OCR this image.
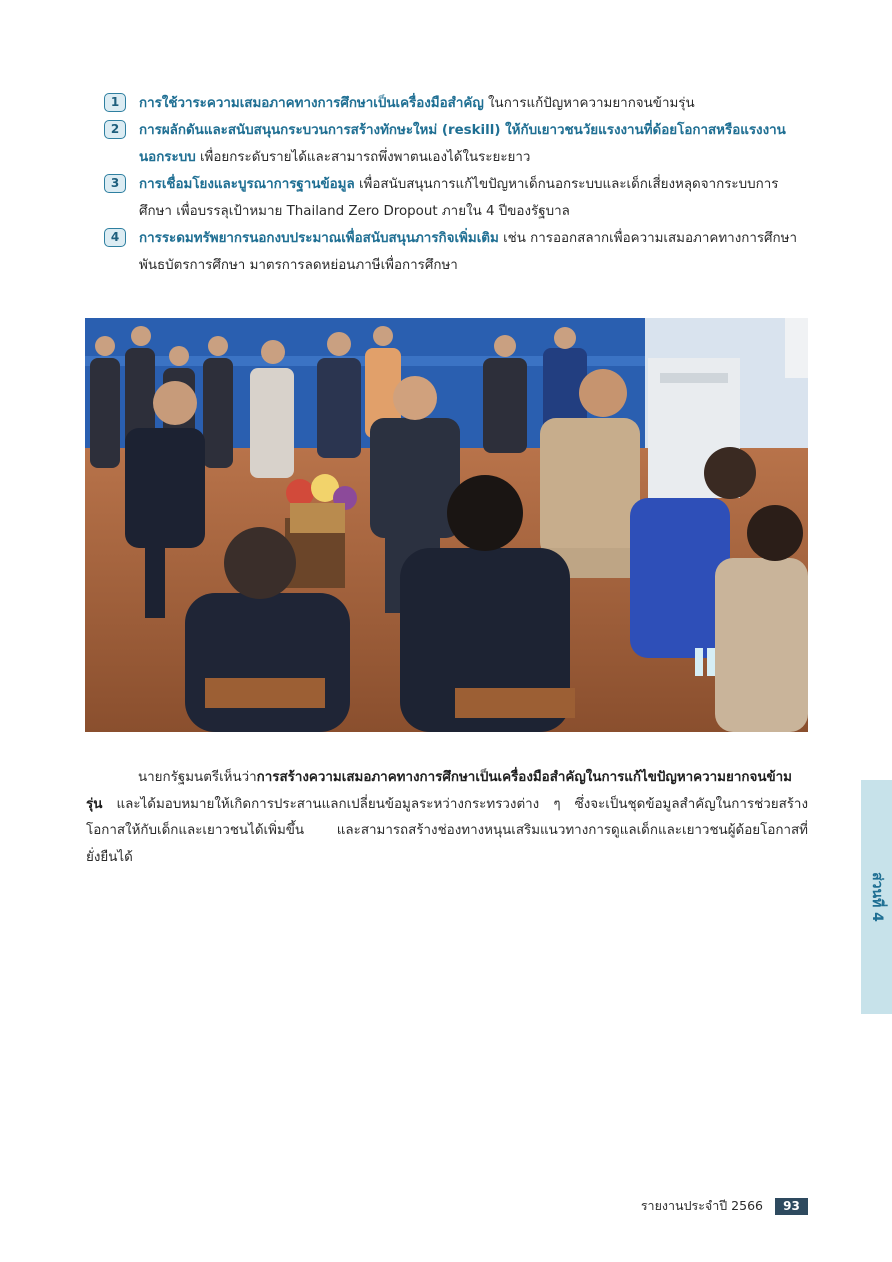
1	การใช้วาระความเสมอภาคทางการศึกษาเป็นเครื่องมือสำคัญ ในการแก้ปัญหาความยากจนข้ามรุ่น
2	การผลักดันและสนับสนุนกระบวนการสร้างทักษะใหม่ (reskill) ให้กับเยาวชนวัยแรงงานที่ด้อยโอกาสหรือแรงงานนอกระบบ เพื่อยกระดับรายได้และสามารถพึ่งพาตนเองได้ในระยะยาว
3	การเชื่อมโยงและบูรณาการฐานข้อมูล เพื่อสนับสนุนการแก้ไขปัญหาเด็กนอกระบบและเด็กเสี่ยงหลุดจากระบบการศึกษา เพื่อบรรลุเป้าหมาย Thailand Zero Dropout ภายใน 4 ปีของรัฐบาล
4	การระดมทรัพยากรนอกงบประมาณเพื่อสนับสนุนภารกิจเพิ่มเติม เช่น การออกสลากเพื่อความเสมอภาคทางการศึกษา พันธบัตรการศึกษา มาตรการลดหย่อนภาษีเพื่อการศึกษา
นายกรัฐมนตรีเห็นว่าการสร้างความเสมอภาคทางการศึกษาเป็นเครื่องมือสำคัญในการแก้ไขปัญหาความยากจนข้ามรุ่น และได้มอบหมายให้เกิดการประสานแลกเปลี่ยนข้อมูลระหว่างกระทรวงต่าง ๆ ซึ่งจะเป็นชุดข้อมูลสำคัญในการช่วยสร้างโอกาสให้กับเด็กและเยาวชนได้เพิ่มขึ้น และสามารถสร้างช่องทางหนุนเสริมแนวทางการดูแลเด็กและเยาวชนผู้ด้อยโอกาสที่ยั่งยืนได้
ส่วนที่ 4
รายงานประจำปี 2566	93
